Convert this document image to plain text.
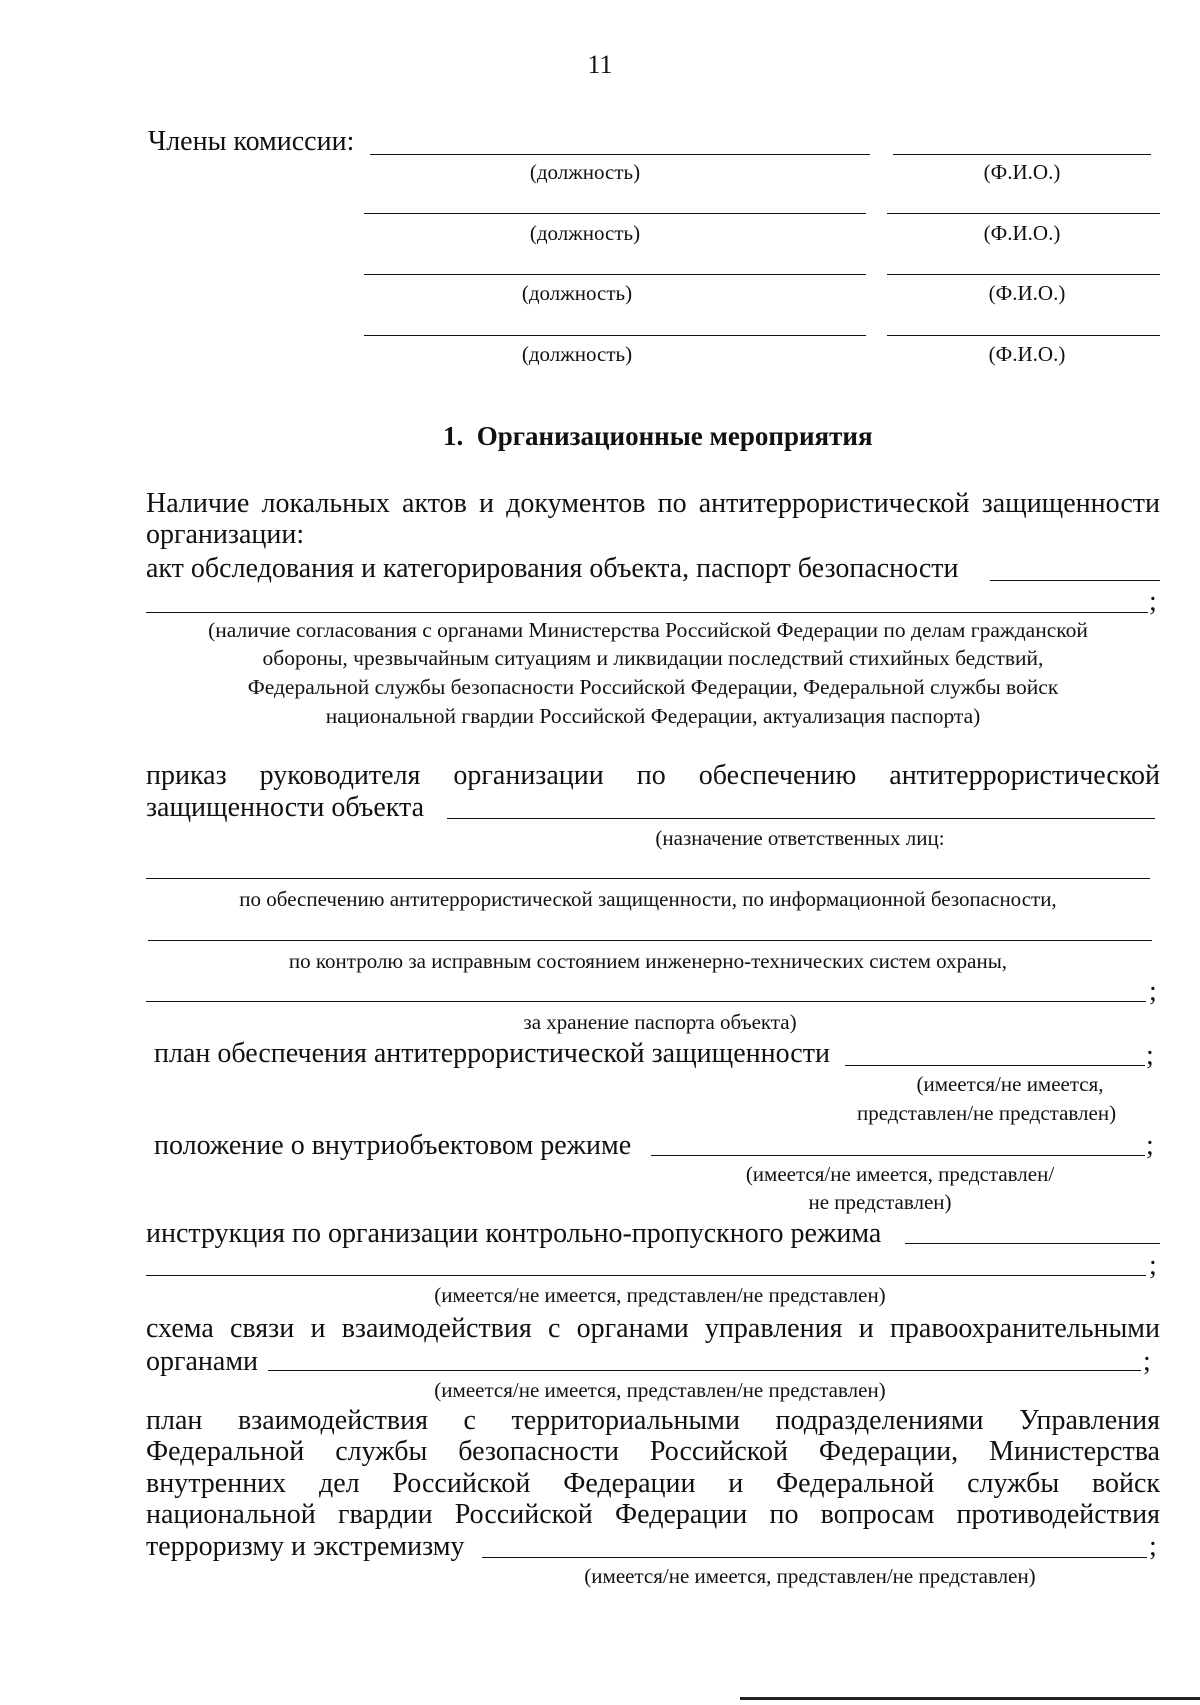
11
Члены комиссии:
(должность)	(Ф.И.О.)
(должность)	(Ф.И.О.)
(должность)	(Ф.И.О.)
(должность)	(Ф.И.О.)
1.  Организационные мероприятия
Наличие локальных актов и документов по антитеррористической защищенности
организации:
акт обследования и категорирования объекта, паспорт безопасности
;
(наличие согласования с органами Министерства Российской Федерации по делам гражданской
обороны, чрезвычайным ситуациям и ликвидации последствий стихийных бедствий,
Федеральной службы безопасности Российской Федерации, Федеральной службы войск
национальной гвардии Российской Федерации, актуализация паспорта)
приказ руководителя организации по обеспечению антитеррористической
защищенности объекта
(назначение ответственных лиц:
по обеспечению антитеррористической защищенности, по информационной безопасности,
по контролю за исправным состоянием инженерно-технических систем охраны,
;
за хранение паспорта объекта)
план обеспечения антитеррористической защищенности	;
(имеется/не имеется,
представлен/не представлен)
положение о внутриобъектовом режиме	;
(имеется/не имеется, представлен/
не представлен)
инструкция по организации контрольно-пропускного режима
;
(имеется/не имеется, представлен/не представлен)
схема связи и взаимодействия с органами управления и правоохранительными
органами	;
(имеется/не имеется, представлен/не представлен)
план взаимодействия с территориальными подразделениями Управления
Федеральной службы безопасности Российской Федерации, Министерства
внутренних дел Российской Федерации и Федеральной службы войск
национальной гвардии Российской Федерации по вопросам противодействия
терроризму и экстремизму	;
(имеется/не имеется, представлен/не представлен)
